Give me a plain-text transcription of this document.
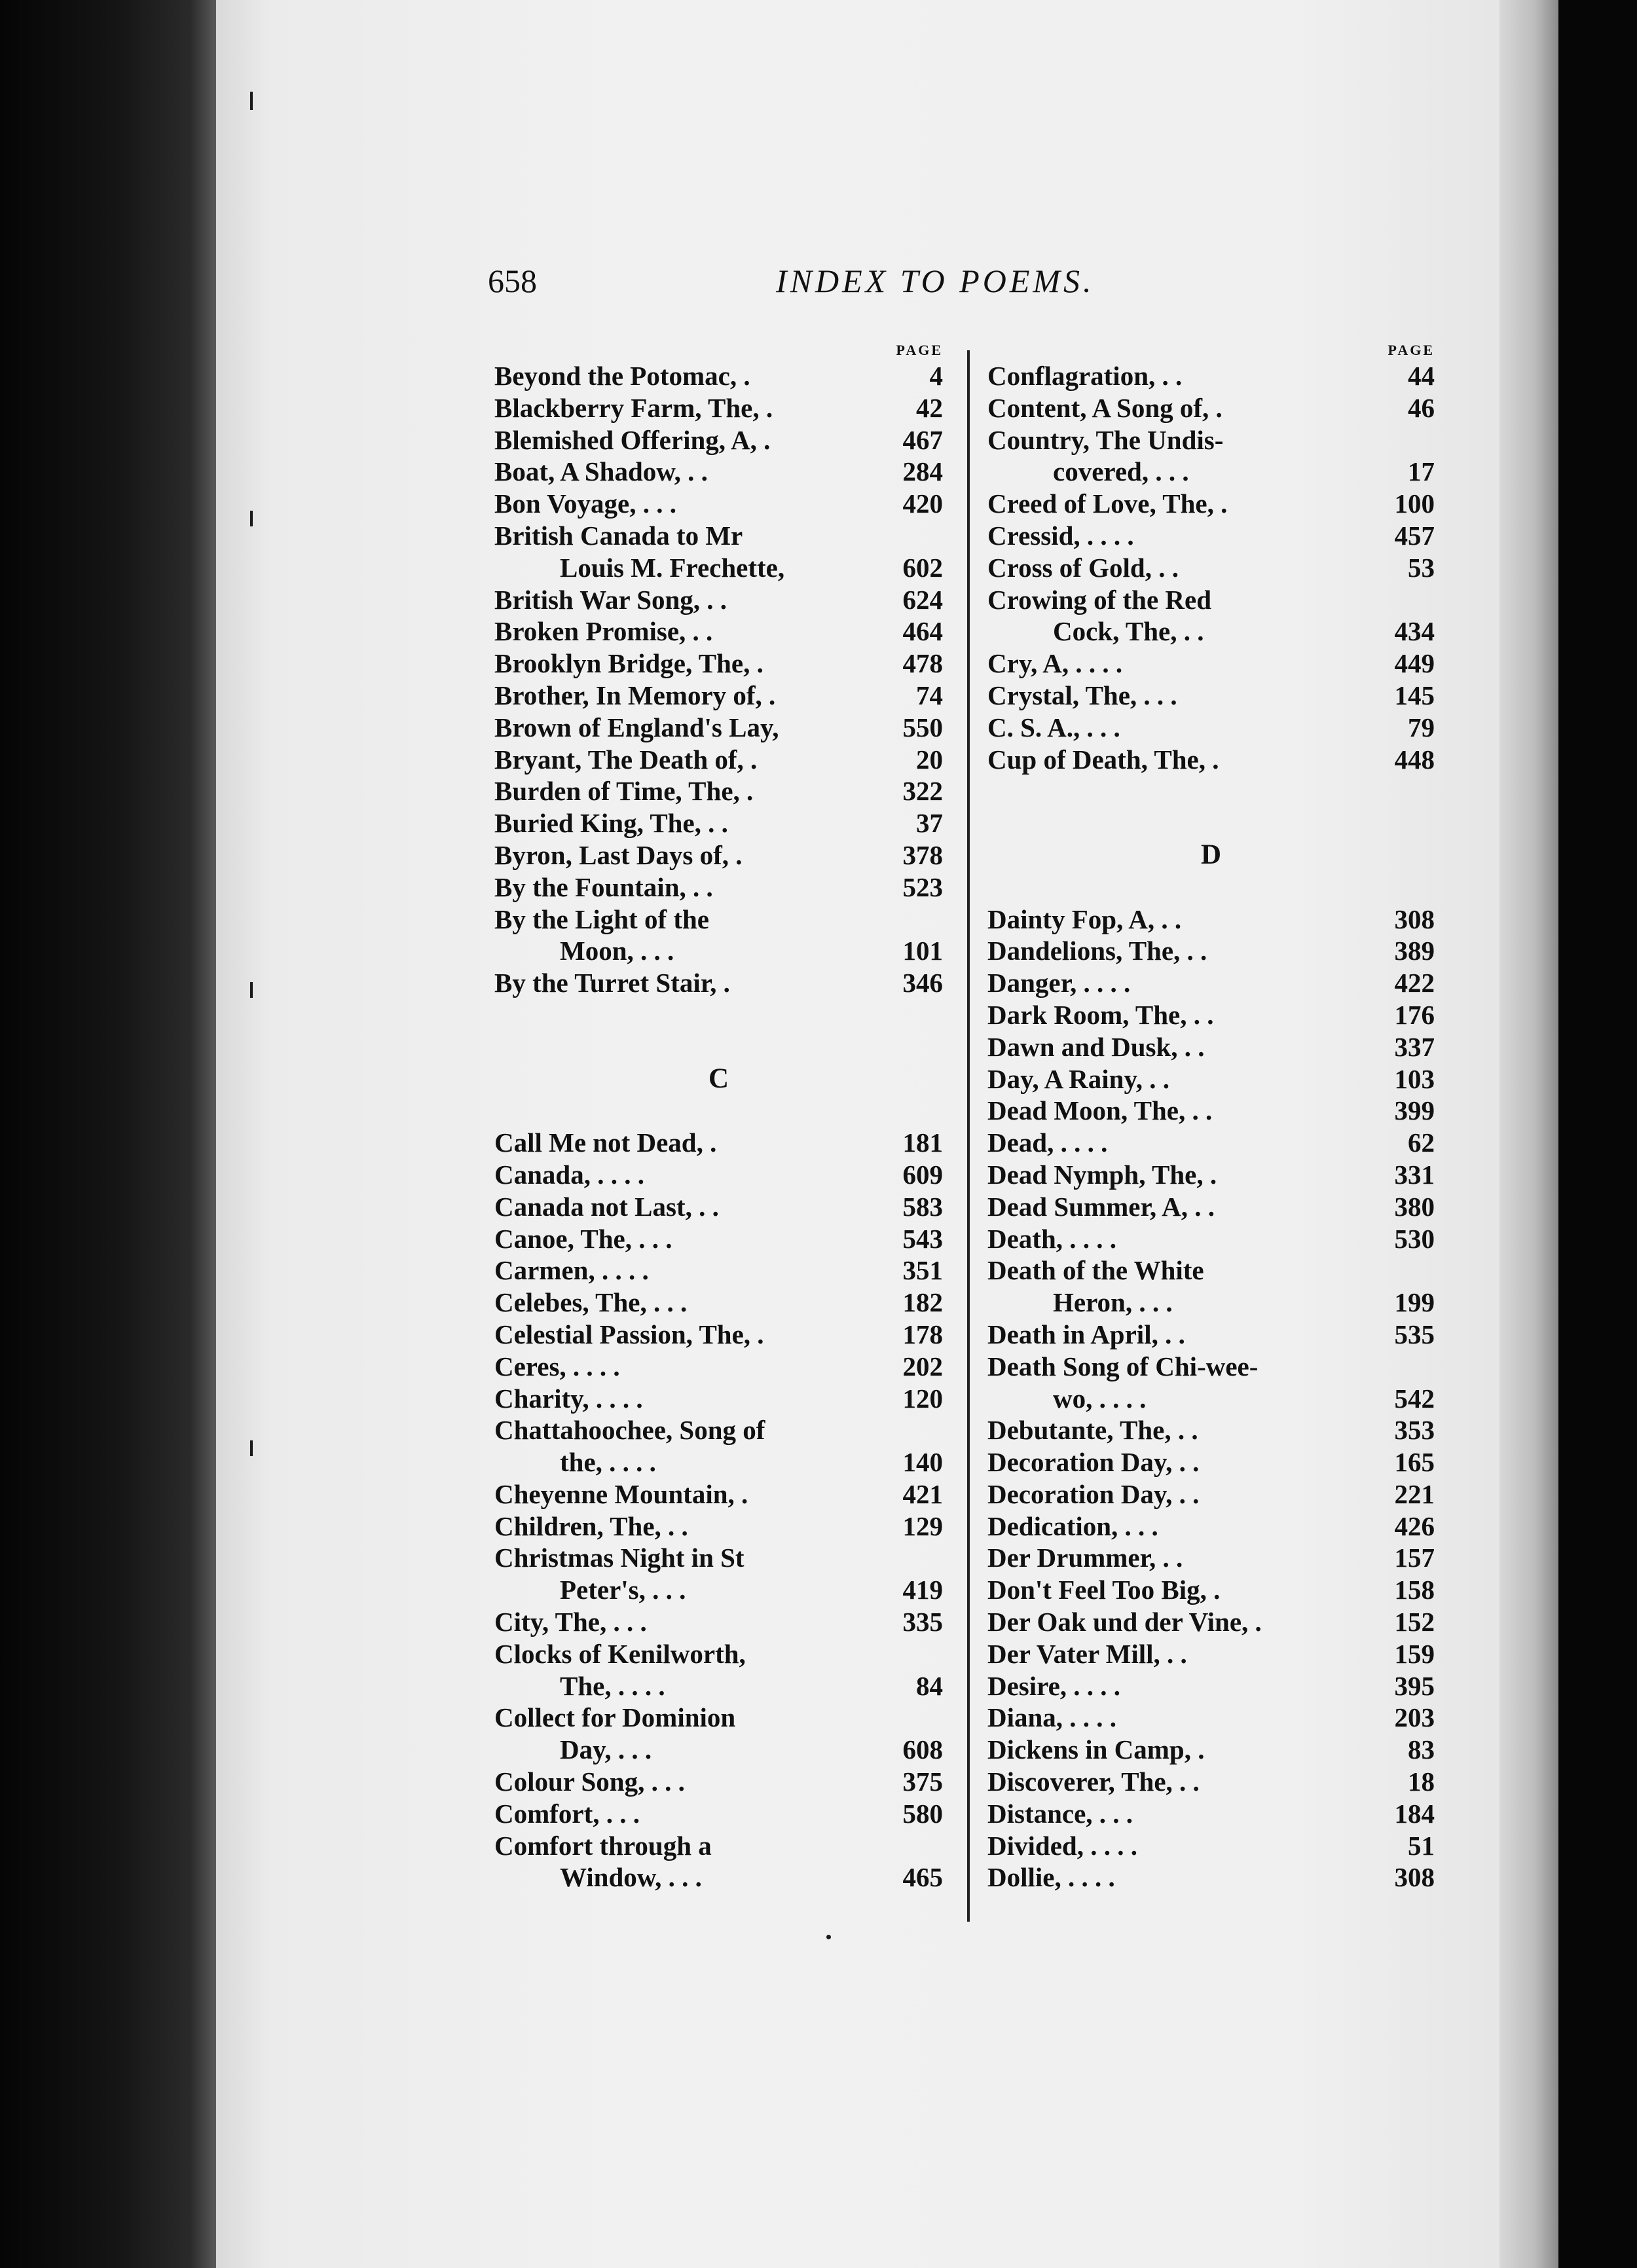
658	INDEX TO POEMS.
PAGE
Beyond the Potomac, .	4
Blackberry Farm, The, .	42
Blemished Offering, A, .	467
Boat, A Shadow, . .	284
Bon Voyage, . . .	420
British Canada to Mr
Louis M. Frechette,	602
British War Song, . .	624
Broken Promise, . .	464
Brooklyn Bridge, The, .	478
Brother, In Memory of, .	74
Brown of England's Lay,	550
Bryant, The Death of, .	20
Burden of Time, The, .	322
Buried King, The, . .	37
Byron, Last Days of, .	378
By the Fountain, . .	523
By the Light of the
Moon, . . .	101
By the Turret Stair, .	346
C
Call Me not Dead, .	181
Canada, . . . .	609
Canada not Last, . .	583
Canoe, The, . . .	543
Carmen, . . . .	351
Celebes, The, . . .	182
Celestial Passion, The, .	178
Ceres, . . . .	202
Charity, . . . .	120
Chattahoochee, Song of
the, . . . .	140
Cheyenne Mountain, .	421
Children, The, . .	129
Christmas Night in St
Peter's, . . .	419
City, The, . . .	335
Clocks of Kenilworth,
The, . . . .	84
Collect for Dominion
Day, . . .	608
Colour Song, . . .	375
Comfort, . . .	580
Comfort through a
Window, . . .	465
PAGE
Conflagration, . .	44
Content, A Song of, .	46
Country, The Undis-
covered, . . .	17
Creed of Love, The, .	100
Cressid, . . . .	457
Cross of Gold, . .	53
Crowing of the Red
Cock, The, . .	434
Cry, A, . . . .	449
Crystal, The, . . .	145
C. S. A., . . .	79
Cup of Death, The, .	448
D
Dainty Fop, A, . .	308
Dandelions, The, . .	389
Danger, . . . .	422
Dark Room, The, . .	176
Dawn and Dusk, . .	337
Day, A Rainy, . .	103
Dead Moon, The, . .	399
Dead, . . . .	62
Dead Nymph, The, .	331
Dead Summer, A, . .	380
Death, . . . .	530
Death of the White
Heron, . . .	199
Death in April, . .	535
Death Song of Chi-wee-
wo, . . . .	542
Debutante, The, . .	353
Decoration Day, . .	165
Decoration Day, . .	221
Dedication, . . .	426
Der Drummer, . .	157
Don't Feel Too Big, .	158
Der Oak und der Vine, .	152
Der Vater Mill, . .	159
Desire, . . . .	395
Diana, . . . .	203
Dickens in Camp, .	83
Discoverer, The, . .	18
Distance, . . .	184
Divided, . . . .	51
Dollie, . . . .	308
